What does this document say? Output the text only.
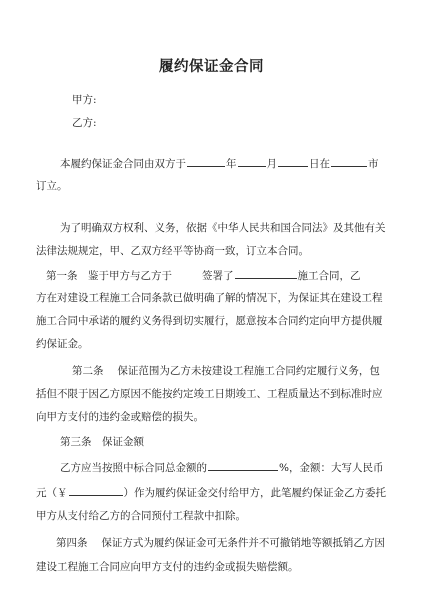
履约保证金合同
甲方:
乙方:
本履约保证金合同由双方于	年	月	日在	市
订立。
为了明确双方权利、义务，依据《中华人民共和国合同法》及其他有关
法律法规规定，甲、乙双方经平等协商一致，订立本合同。
第一条　鉴于甲方与乙方于	签署了	施工合同，乙
方在对建设工程施工合同条款已做明确了解的情况下，为保证其在建设工程
施工合同中承诺的履约义务得到切实履行，愿意按本合同约定向甲方提供履
约保证金。
第二条　 保证范围为乙方未按建设工程施工合同约定履行义务，包
括但不限于因乙方原因不能按约定竣工日期竣工、工程质量达不到标准时应
向甲方支付的违约金或赔偿的损失。
第三条　保证金额
乙方应当按照中标合同总金额的	%，金额：大写人民币
元（￥	）作为履约保证金交付给甲方，此笔履约保证金乙方委托
甲方从支付给乙方的合同预付工程款中扣除。
第四条　 保证方式为履约保证金可无条件并不可撤销地等额抵销乙方因
建设工程施工合同应向甲方支付的违约金或损失赔偿额。
